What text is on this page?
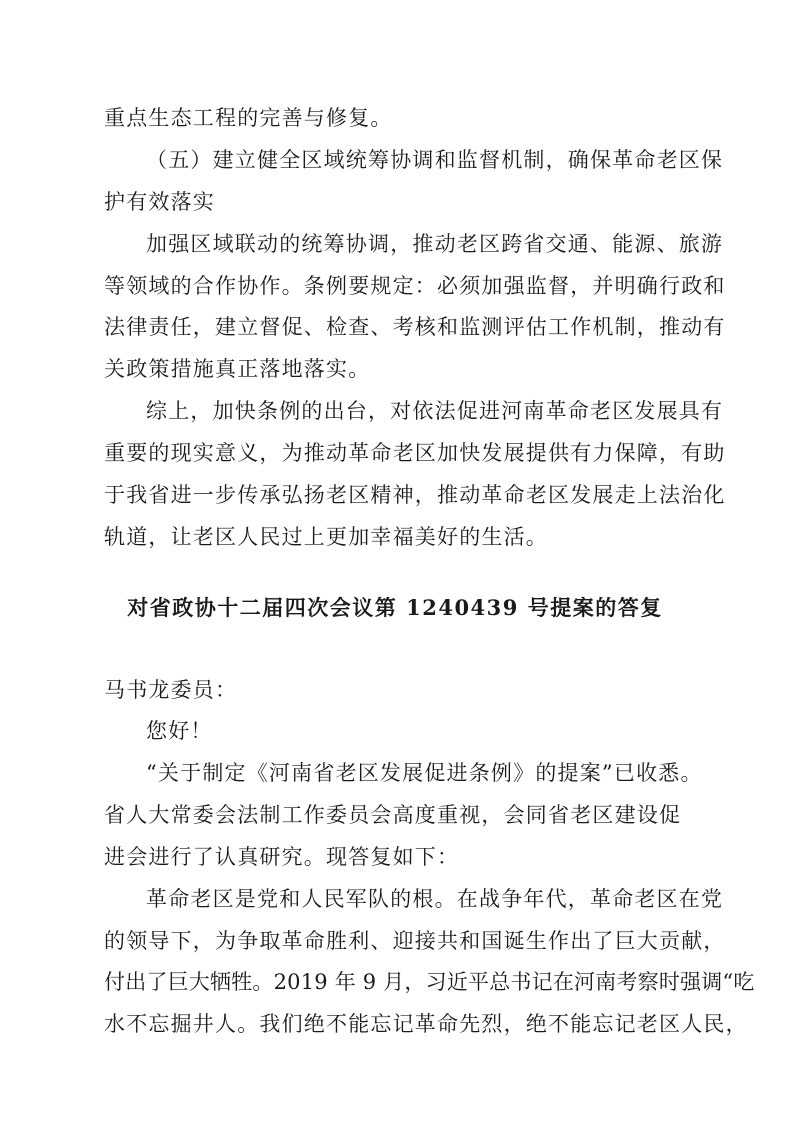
重点生态工程的完善与修复。
（五）建立健全区域统筹协调和监督机制，确保革命老区保
护有效落实
加强区域联动的统筹协调，推动老区跨省交通、能源、旅游
等领域的合作协作。条例要规定：必须加强监督，并明确行政和
法律责任，建立督促、检查、考核和监测评估工作机制，推动有
关政策措施真正落地落实。
综上，加快条例的出台，对依法促进河南革命老区发展具有
重要的现实意义，为推动革命老区加快发展提供有力保障，有助
于我省进一步传承弘扬老区精神，推动革命老区发展走上法治化
轨道，让老区人民过上更加幸福美好的生活。
对省政协十二届四次会议第 1240439 号提案的答复
马书龙委员：
您好！
“关于制定《河南省老区发展促进条例》的提案”已收悉。
省人大常委会法制工作委员会高度重视，会同省老区建设促
进会进行了认真研究。现答复如下：
革命老区是党和人民军队的根。在战争年代，革命老区在党
的领导下，为争取革命胜利、迎接共和国诞生作出了巨大贡献，
付出了巨大牺牲。2019 年 9 月，习近平总书记在河南考察时强调“吃
水不忘掘井人。我们绝不能忘记革命先烈，绝不能忘记老区人民，
